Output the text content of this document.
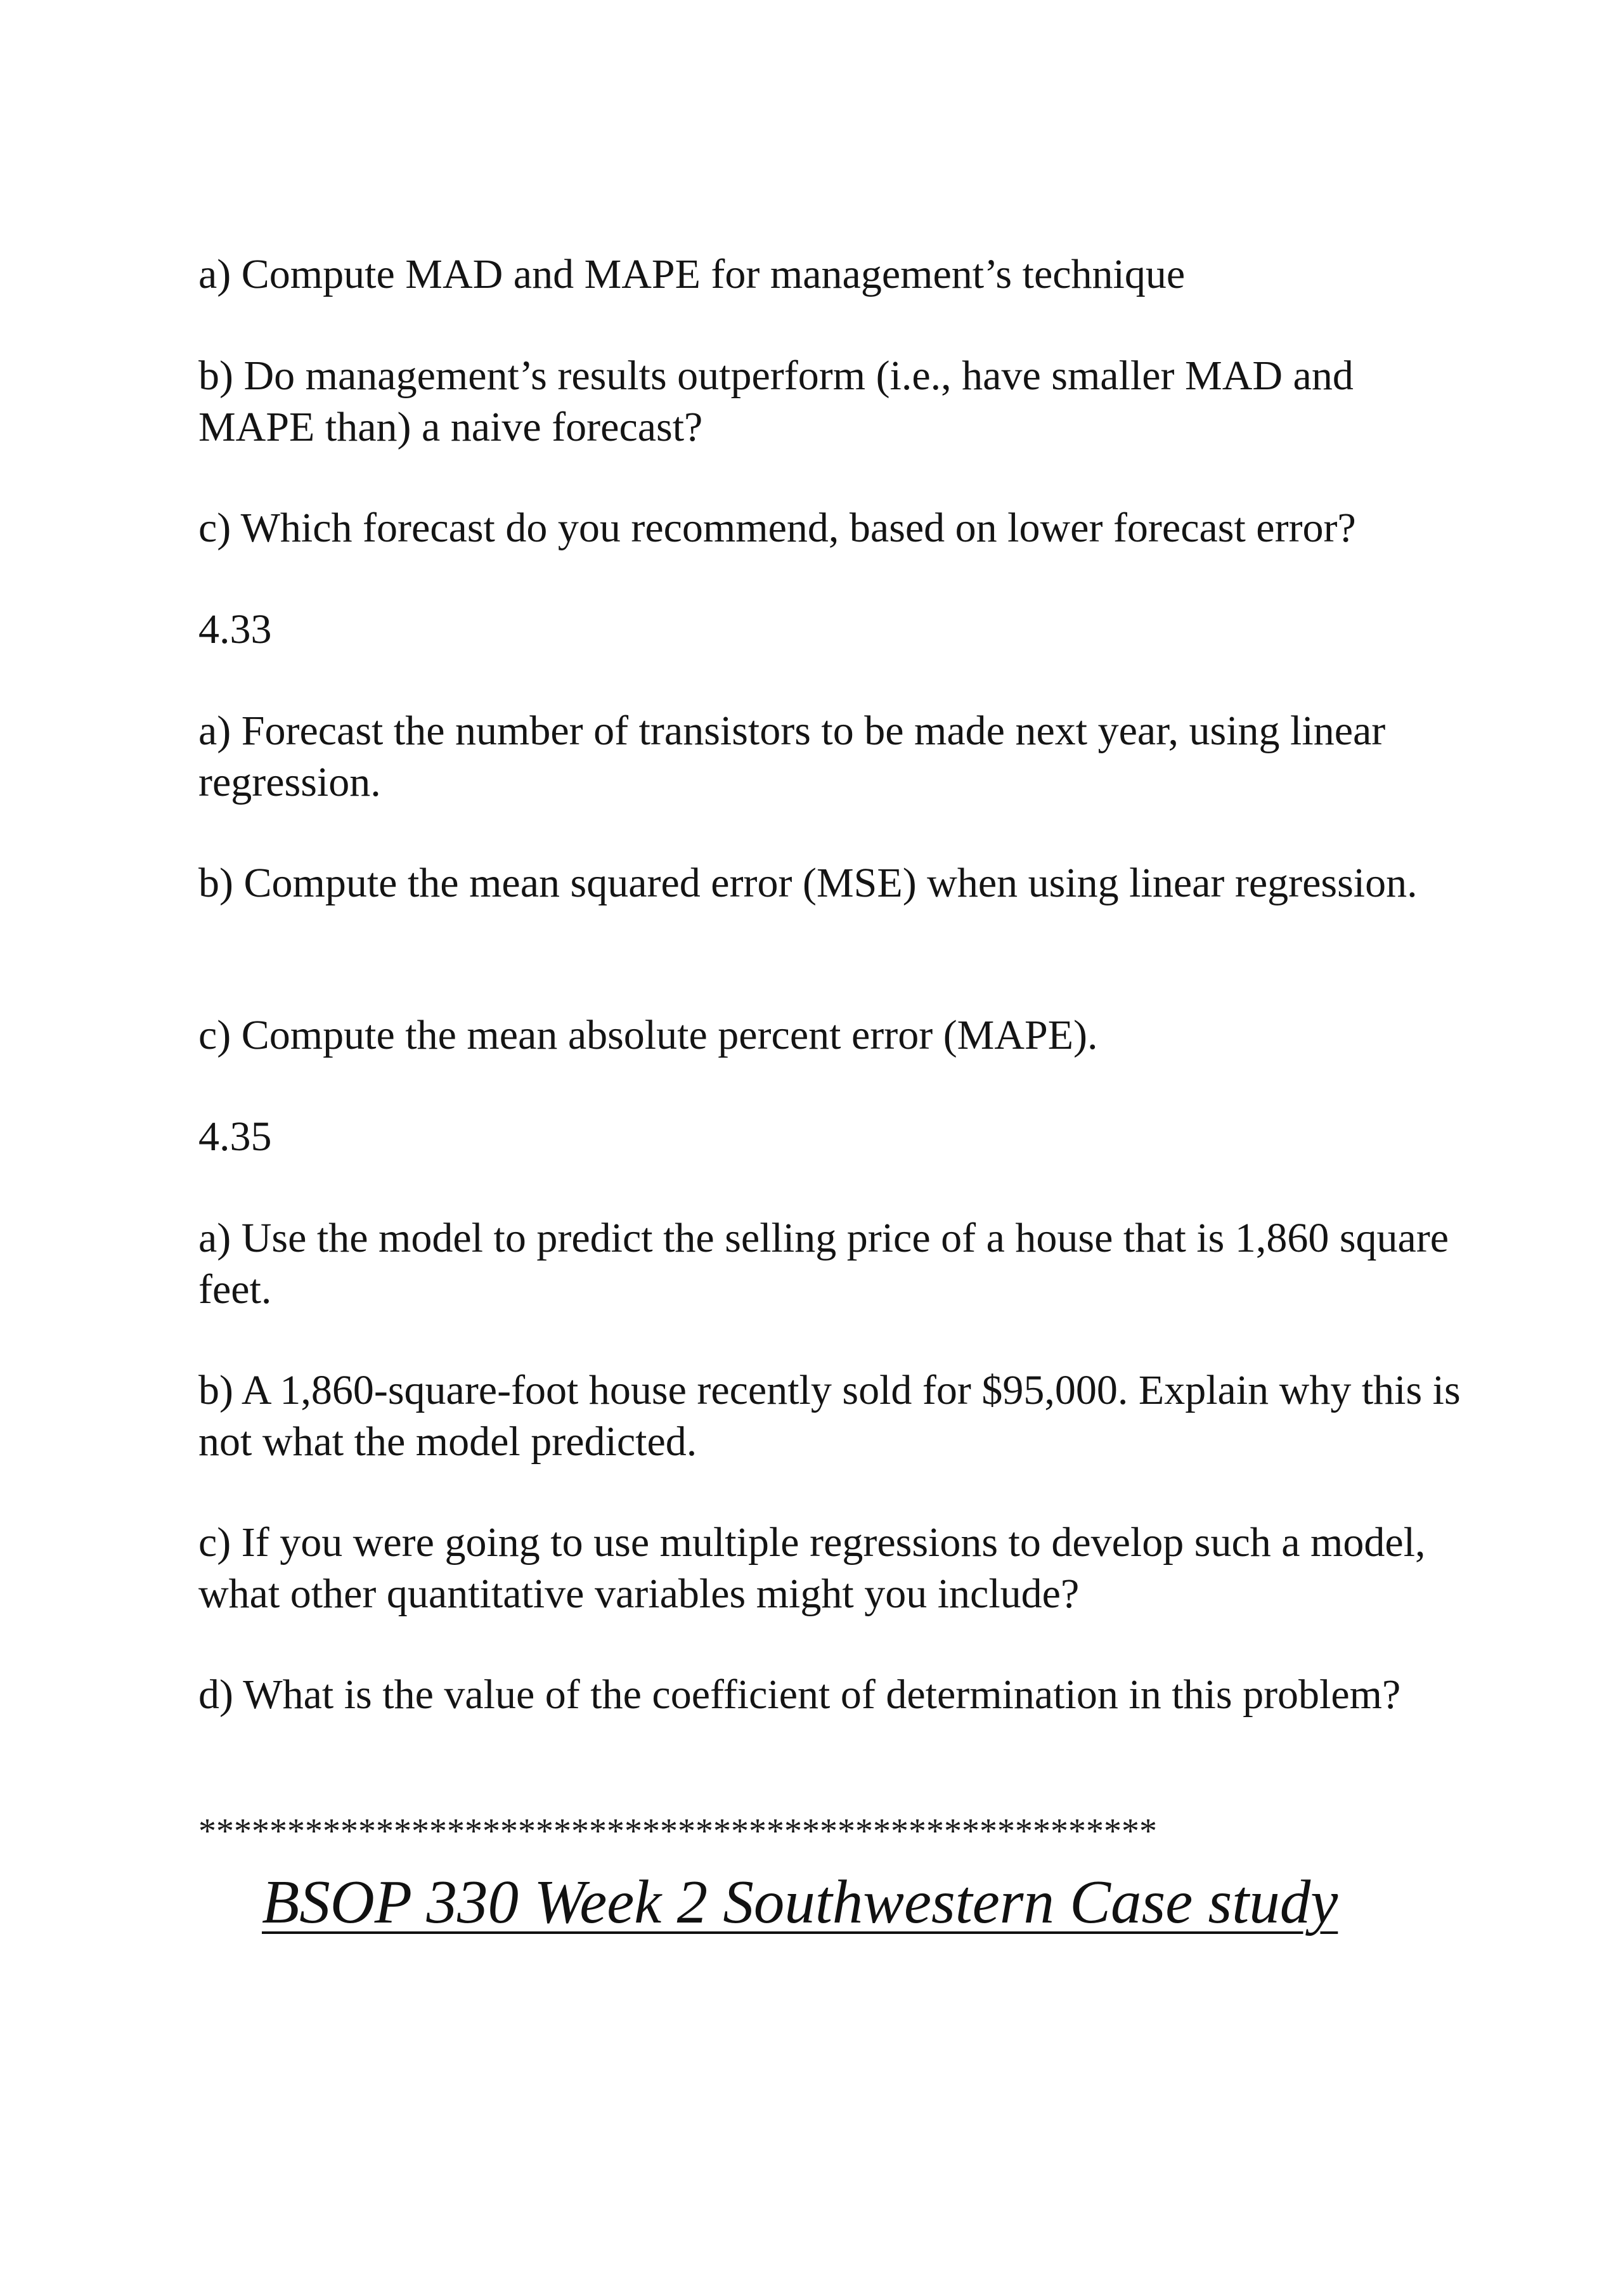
a) Compute MAD and MAPE for management’s technique

b) Do management’s results outperform (i.e., have smaller MAD and MAPE than) a naive forecast?

c) Which forecast do you recommend, based on lower forecast error?

4.33

a) Forecast the number of transistors to be made next year, using linear regression.

b) Compute the mean squared error (MSE) when using linear regression.

c) Compute the mean absolute percent error (MAPE).

4.35

a) Use the model to predict the selling price of a house that is 1,860 square feet.

b) A 1,860-square-foot house recently sold for $95,000. Explain why this is not what the model predicted.

c) If you were going to use multiple regressions to develop such a model, what other quantitative variables might you include?

d) What is the value of the coefficient of determination in this problem?

******************************************************

BSOP 330 Week 2 Southwestern Case study
